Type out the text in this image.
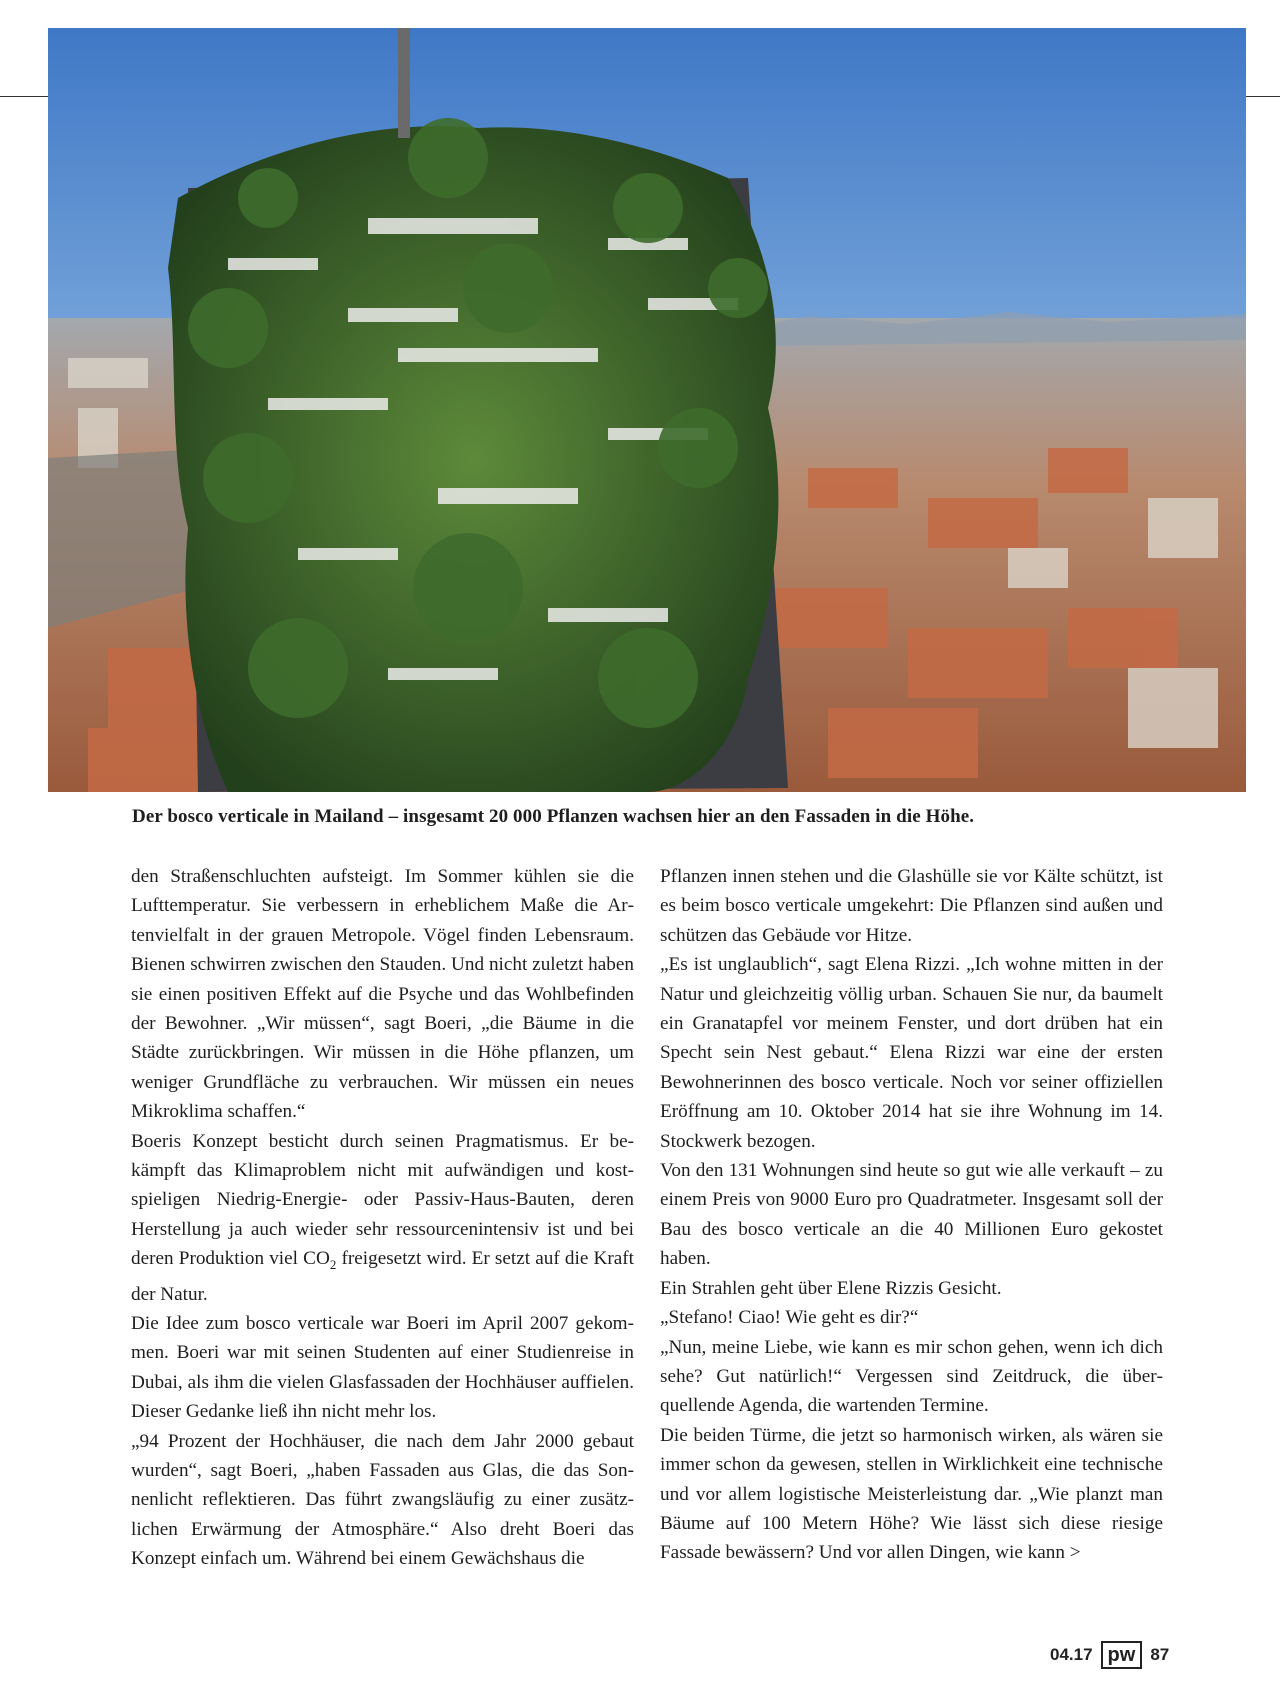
Der bosco verticale in Mailand – insgesamt 20 000 Pflanzen wachsen hier an den Fassaden in die Höhe.

den Straßenschluchten aufsteigt. Im Sommer kühlen sie die Lufttemperatur. Sie verbessern in erheblichem Maße die Artenvielfalt in der grauen Metropole. Vögel finden Lebensraum. Bienen schwirren zwischen den Stauden. Und nicht zuletzt haben sie einen positiven Effekt auf die Psyche und das Wohlbefinden der Bewohner. „Wir müssen“, sagt Boeri, „die Bäume in die Städte zurückbringen. Wir müssen in die Höhe pflanzen, um weniger Grundfläche zu verbrauchen. Wir müssen ein neues Mikroklima schaffen.“

Boeris Konzept besticht durch seinen Pragmatismus. Er bekämpft das Klimaproblem nicht mit aufwändigen und kostspieligen Niedrig-Energie- oder Passiv-Haus-Bauten, deren Herstellung ja auch wieder sehr ressourcenintensiv ist und bei deren Produktion viel $CO_2$ freigesetzt wird. Er setzt auf die Kraft der Natur.

Die Idee zum bosco verticale war Boeri im April 2007 gekommen. Boeri war mit seinen Studenten auf einer Studienreise in Dubai, als ihm die vielen Glasfassaden der Hochhäuser auffielen. Dieser Gedanke ließ ihn nicht mehr los.

„94 Prozent der Hochhäuser, die nach dem Jahr 2000 gebaut wurden“, sagt Boeri, „haben Fassaden aus Glas, die das Sonnenlicht reflektieren. Das führt zwangsläufig zu einer zusätzlichen Erwärmung der Atmosphäre.“ Also dreht Boeri das Konzept einfach um. Während bei einem Gewächshaus die

Pflanzen innen stehen und die Glashülle sie vor Kälte schützt, ist es beim bosco verticale umgekehrt: Die Pflanzen sind außen und schützen das Gebäude vor Hitze.

„Es ist unglaublich“, sagt Elena Rizzi. „Ich wohne mitten in der Natur und gleichzeitig völlig urban. Schauen Sie nur, da baumelt ein Granatapfel vor meinem Fenster, und dort drüben hat ein Specht sein Nest gebaut.“ Elena Rizzi war eine der ersten Bewohnerinnen des bosco verticale. Noch vor seiner offiziellen Eröffnung am 10. Oktober 2014 hat sie ihre Wohnung im 14. Stockwerk bezogen.

Von den 131 Wohnungen sind heute so gut wie alle verkauft – zu einem Preis von 9000 Euro pro Quadratmeter. Insgesamt soll der Bau des bosco verticale an die 40 Millionen Euro gekostet haben.

Ein Strahlen geht über Elene Rizzis Gesicht.

„Stefano! Ciao! Wie geht es dir?“

„Nun, meine Liebe, wie kann es mir schon gehen, wenn ich dich sehe? Gut natürlich!“ Vergessen sind Zeitdruck, die überquellende Agenda, die wartenden Termine.

Die beiden Türme, die jetzt so harmonisch wirken, als wären sie immer schon da gewesen, stellen in Wirklichkeit eine technische und vor allem logistische Meisterleistung dar. „Wie planzt man Bäume auf 100 Metern Höhe? Wie lässt sich diese riesige Fassade bewässern? Und vor allen Dingen, wie kann >

04.17 pw 87
